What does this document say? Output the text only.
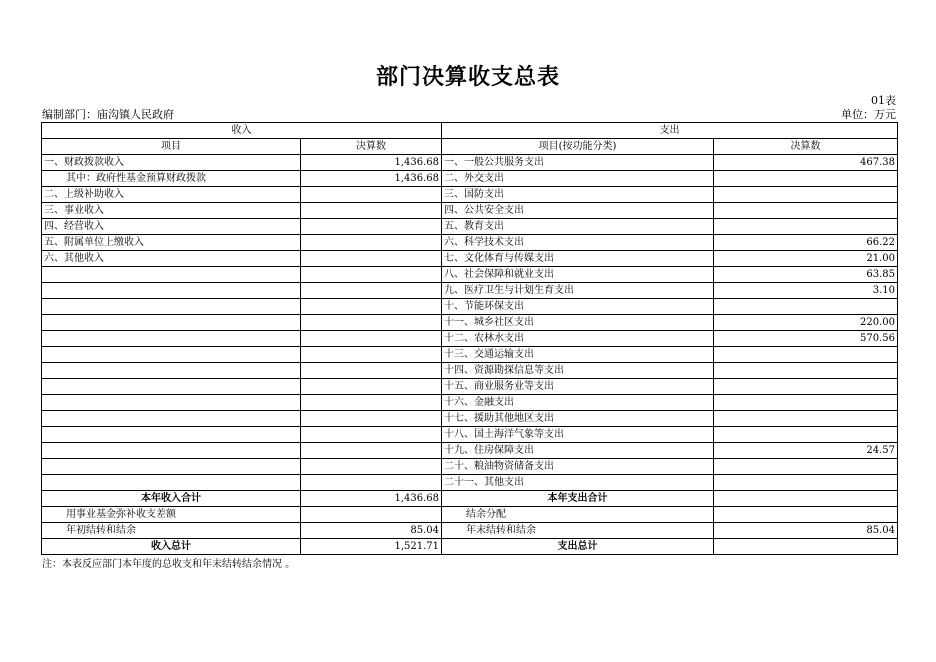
部门决算收支总表
01表
编制部门：庙沟镇人民政府	单位：万元
收入		支出	
项目	决算数	项目(按功能分类)	决算数
一、财政拨款收入	1,436.68	一、一般公共服务支出	467.38
其中：政府性基金预算财政拨款	1,436.68	二、外交支出	
二、上级补助收入		三、国防支出	
三、事业收入		四、公共安全支出	
四、经营收入		五、教育支出	
五、附属单位上缴收入		六、科学技术支出	66.22
六、其他收入		七、文化体育与传媒支出	21.00
		八、社会保障和就业支出	63.85
		九、医疗卫生与计划生育支出	3.10
		十、节能环保支出	
		十一、城乡社区支出	220.00
		十二、农林水支出	570.56
		十三、交通运输支出	
		十四、资源勘探信息等支出	
		十五、商业服务业等支出	
		十六、金融支出	
		十七、援助其他地区支出	
		十八、国土海洋气象等支出	
		十九、住房保障支出	24.57
		二十、粮油物资储备支出	
		二十一、其他支出	
本年收入合计	1,436.68	本年支出合计	
用事业基金弥补收支差额		结余分配	
年初结转和结余	85.04	年末结转和结余	85.04
收入总计	1,521.71	支出总计	
注：本表反应部门本年度的总收支和年末结转结余情况 。
